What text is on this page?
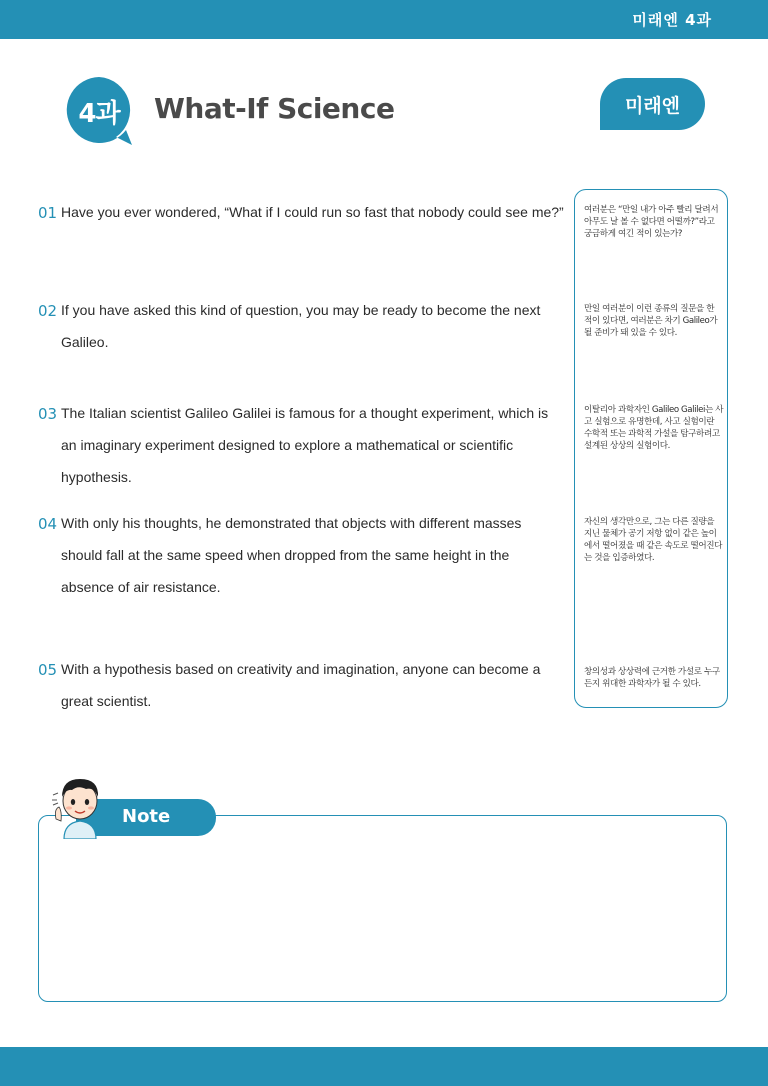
미래엔 4과
4과	What-If Science	미래엔
01 Have you ever wondered, “What if I could run so fast that nobody could see me?”

02 If you have asked this kind of question, you may be ready to become the next Galileo.

03 The Italian scientist Galileo Galilei is famous for a thought experiment, which is an imaginary experiment designed to explore a mathematical or scientific hypothesis.

04 With only his thoughts, he demonstrated that objects with different masses should fall at the same speed when dropped from the same height in the absence of air resistance.

05 With a hypothesis based on creativity and imagination, anyone can become a great scientist.

여러분은 “만일 내가 아주 빨리 달려서 아무도 날 볼 수 없다면 어떨까?”라고 궁금하게 여긴 적이 있는가?

만일 여러분이 이런 종류의 질문을 한 적이 있다면, 여러분은 차기 Galileo가 될 준비가 돼 있을 수 있다.

이탈리아 과학자인 Galileo Galilei는 사고 실험으로 유명한데, 사고 실험이란 수학적 또는 과학적 가설을 탐구하려고 설계된 상상의 실험이다.

자신의 생각만으로, 그는 다른 질량을 지닌 물체가 공기 저항 없이 같은 높이에서 떨어졌을 때 같은 속도로 떨어진다는 것을 입증하였다.

창의성과 상상력에 근거한 가설로 누구든지 위대한 과학자가 될 수 있다.

Note
